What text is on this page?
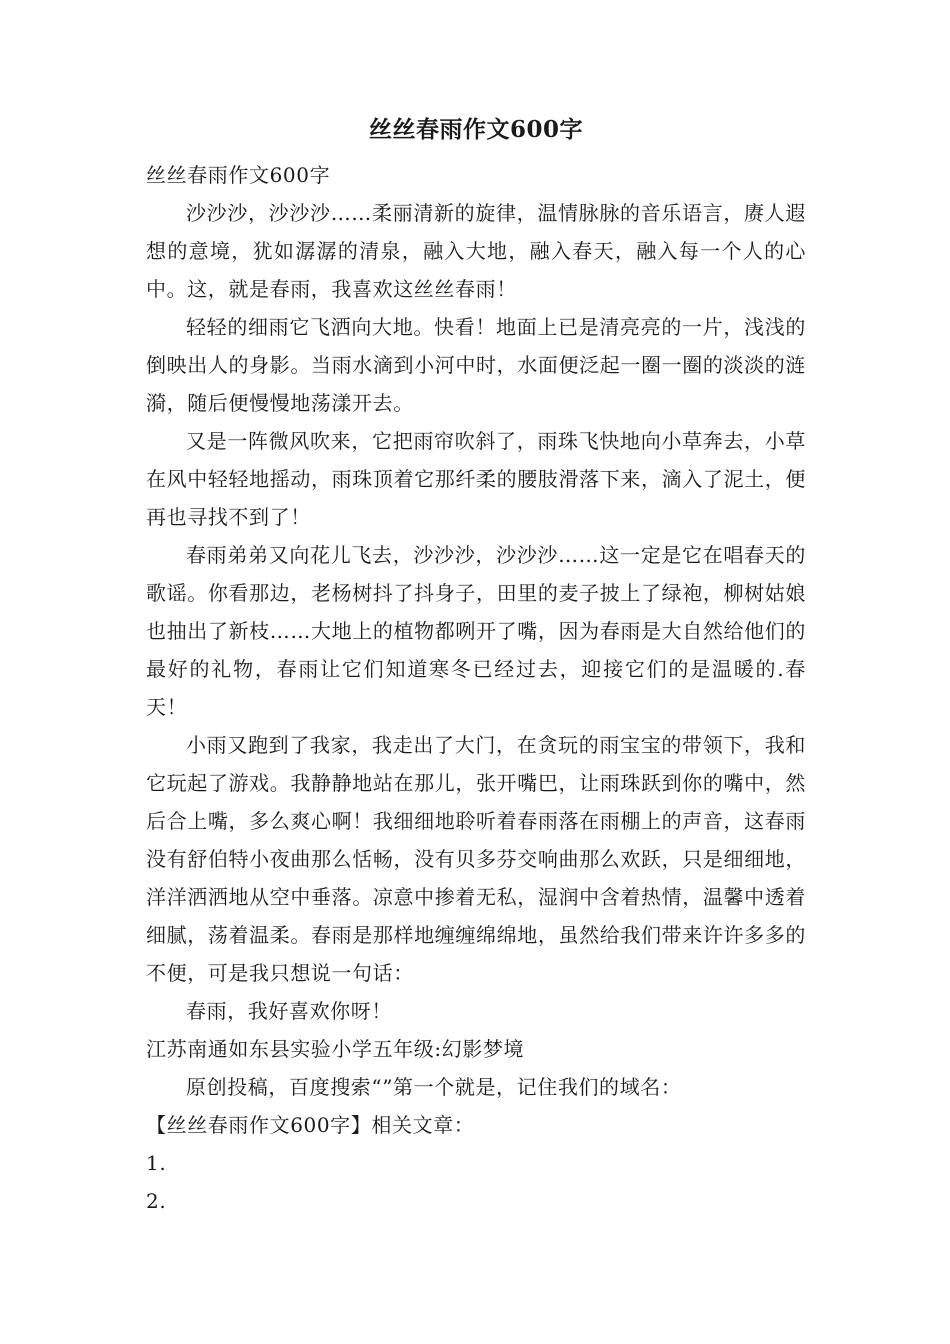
丝丝春雨作文600字

丝丝春雨作文600字

沙沙沙，沙沙沙……柔丽清新的旋律，温情脉脉的音乐语言，赓人遐想的意境，犹如潺潺的清泉，融入大地，融入春天，融入每一个人的心中。这，就是春雨，我喜欢这丝丝春雨！

轻轻的细雨它飞洒向大地。快看！地面上已是清亮亮的一片，浅浅的倒映出人的身影。当雨水滴到小河中时，水面便泛起一圈一圈的淡淡的涟漪，随后便慢慢地荡漾开去。

又是一阵微风吹来，它把雨帘吹斜了，雨珠飞快地向小草奔去，小草在风中轻轻地摇动，雨珠顶着它那纤柔的腰肢滑落下来，滴入了泥土，便再也寻找不到了！

春雨弟弟又向花儿飞去，沙沙沙，沙沙沙……这一定是它在唱春天的歌谣。你看那边，老杨树抖了抖身子，田里的麦子披上了绿袍，柳树姑娘也抽出了新枝……大地上的植物都咧开了嘴，因为春雨是大自然给他们的最好的礼物，春雨让它们知道寒冬已经过去，迎接它们的是温暖的.春天！

小雨又跑到了我家，我走出了大门，在贪玩的雨宝宝的带领下，我和它玩起了游戏。我静静地站在那儿，张开嘴巴，让雨珠跃到你的嘴中，然后合上嘴，多么爽心啊！我细细地聆听着春雨落在雨棚上的声音，这春雨没有舒伯特小夜曲那么恬畅，没有贝多芬交响曲那么欢跃，只是细细地，洋洋洒洒地从空中垂落。凉意中掺着无私，湿润中含着热情，温馨中透着细腻，荡着温柔。春雨是那样地缠缠绵绵地，虽然给我们带来许许多多的不便，可是我只想说一句话：

春雨，我好喜欢你呀！

江苏南通如东县实验小学五年级:幻影梦境

原创投稿，百度搜索“”第一个就是，记住我们的域名：

【丝丝春雨作文600字】相关文章：

1.

2.
